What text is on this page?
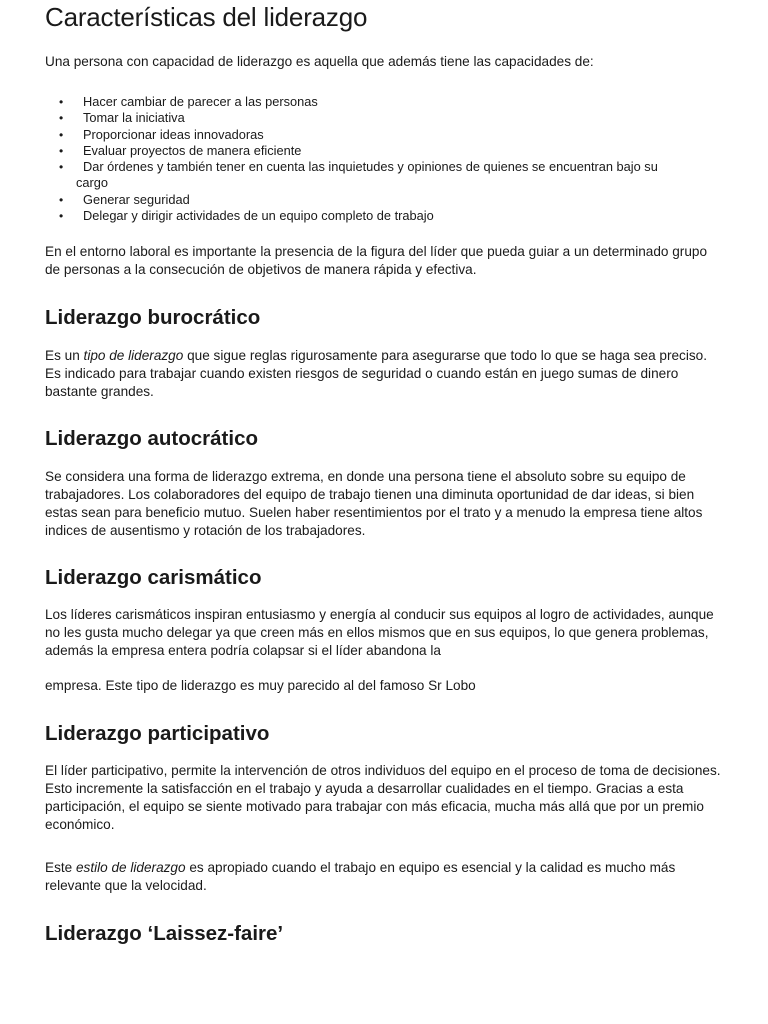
Características del liderazgo

Una persona con capacidad de liderazgo es aquella que además tiene las capacidades de:

• Hacer cambiar de parecer a las personas
• Tomar la iniciativa
• Proporcionar ideas innovadoras
• Evaluar proyectos de manera eficiente
• Dar órdenes y también tener en cuenta las inquietudes y opiniones de quienes se encuentran bajo su
cargo
• Generar seguridad
• Delegar y dirigir actividades de un equipo completo de trabajo

En el entorno laboral es importante la presencia de la figura del líder que pueda guiar a un determinado grupo de personas a la consecución de objetivos de manera rápida y efectiva.

Liderazgo burocrático

Es un tipo de liderazgo que sigue reglas rigurosamente para asegurarse que todo lo que se haga sea preciso. Es indicado para trabajar cuando existen riesgos de seguridad o cuando están en juego sumas de dinero bastante grandes.

Liderazgo autocrático

Se considera una forma de liderazgo extrema, en donde una persona tiene el absoluto sobre su equipo de trabajadores. Los colaboradores del equipo de trabajo tienen una diminuta oportunidad de dar ideas, si bien estas sean para beneficio mutuo. Suelen haber resentimientos por el trato y a menudo la empresa tiene altos indices de ausentismo y rotación de los trabajadores.

Liderazgo carismático

Los líderes carismáticos inspiran entusiasmo y energía al conducir sus equipos al logro de actividades, aunque no les gusta mucho delegar ya que creen más en ellos mismos que en sus equipos, lo que genera problemas, además la empresa entera podría colapsar si el líder abandona la

empresa. Este tipo de liderazgo es muy parecido al del famoso Sr Lobo

Liderazgo participativo

El líder participativo, permite la intervención de otros individuos del equipo en el proceso de toma de decisiones. Esto incremente la satisfacción en el trabajo y ayuda a desarrollar cualidades en el tiempo. Gracias a esta participación, el equipo se siente motivado para trabajar con más eficacia, mucha más allá que por un premio económico.

Este estilo de liderazgo es apropiado cuando el trabajo en equipo es esencial y la calidad es mucho más relevante que la velocidad.

Liderazgo ‘Laissez-faire’
